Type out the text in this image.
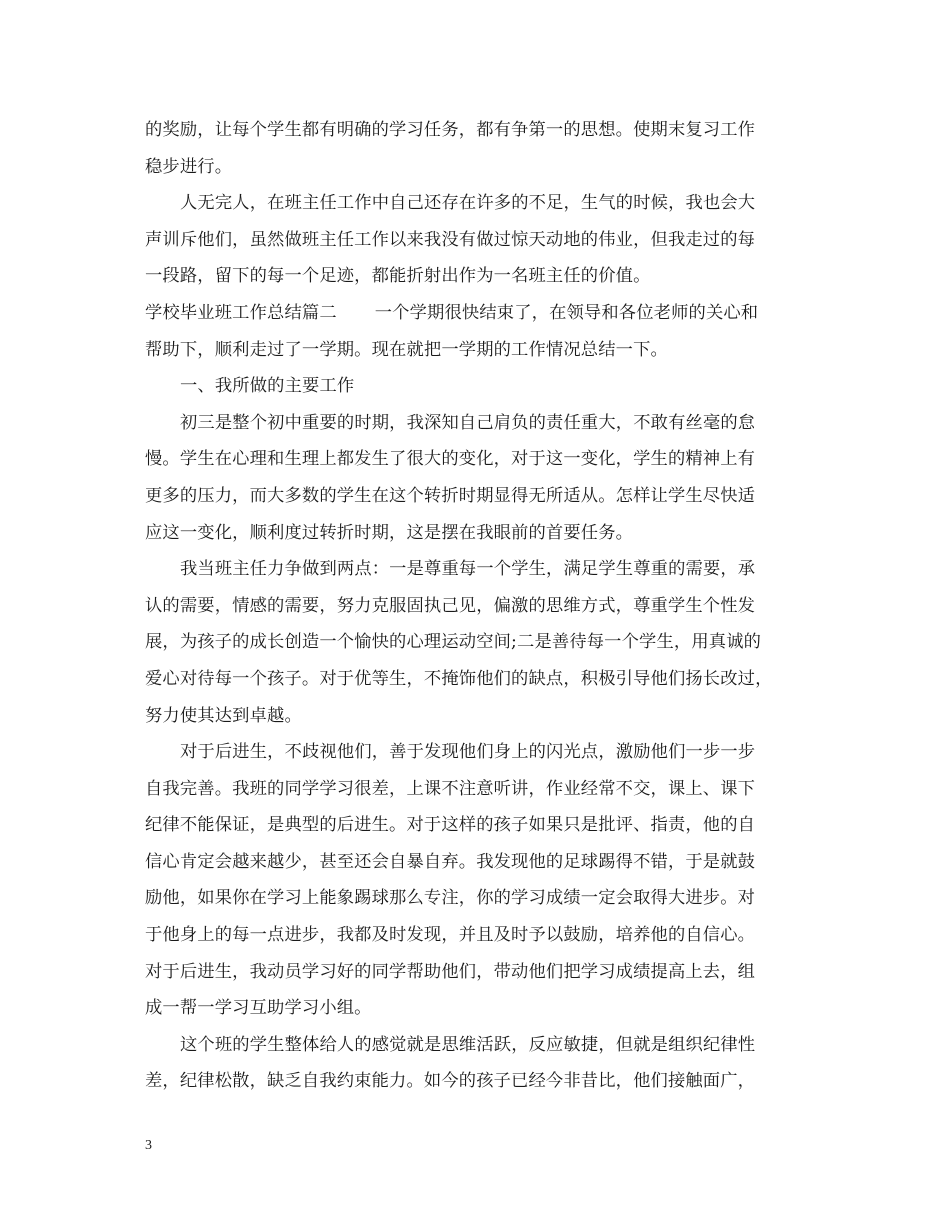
的奖励，让每个学生都有明确的学习任务，都有争第一的思想。使期末复习工作
稳步进行。
人无完人，在班主任工作中自己还存在许多的不足，生气的时候，我也会大
声训斥他们，虽然做班主任工作以来我没有做过惊天动地的伟业，但我走过的每
一段路，留下的每一个足迹，都能折射出作为一名班主任的价值。
学校毕业班工作总结篇二 一个学期很快结束了，在领导和各位老师的关心和
帮助下，顺利走过了一学期。现在就把一学期的工作情况总结一下。
一、我所做的主要工作
初三是整个初中重要的时期，我深知自己肩负的责任重大，不敢有丝毫的怠
慢。学生在心理和生理上都发生了很大的变化，对于这一变化，学生的精神上有
更多的压力，而大多数的学生在这个转折时期显得无所适从。怎样让学生尽快适
应这一变化，顺利度过转折时期，这是摆在我眼前的首要任务。
我当班主任力争做到两点：一是尊重每一个学生，满足学生尊重的需要，承
认的需要，情感的需要，努力克服固执己见，偏激的思维方式，尊重学生个性发
展，为孩子的成长创造一个愉快的心理运动空间;二是善待每一个学生，用真诚的
爱心对待每一个孩子。对于优等生，不掩饰他们的缺点，积极引导他们扬长改过，
努力使其达到卓越。
对于后进生，不歧视他们，善于发现他们身上的闪光点，激励他们一步一步
自我完善。我班的同学学习很差，上课不注意听讲，作业经常不交，课上、课下
纪律不能保证，是典型的后进生。对于这样的孩子如果只是批评、指责，他的自
信心肯定会越来越少，甚至还会自暴自弃。我发现他的足球踢得不错，于是就鼓
励他，如果你在学习上能象踢球那么专注，你的学习成绩一定会取得大进步。对
于他身上的每一点进步，我都及时发现，并且及时予以鼓励，培养他的自信心。
对于后进生，我动员学习好的同学帮助他们，带动他们把学习成绩提高上去，组
成一帮一学习互助学习小组。
这个班的学生整体给人的感觉就是思维活跃，反应敏捷，但就是组织纪律性
差，纪律松散，缺乏自我约束能力。如今的孩子已经今非昔比，他们接触面广，
3
